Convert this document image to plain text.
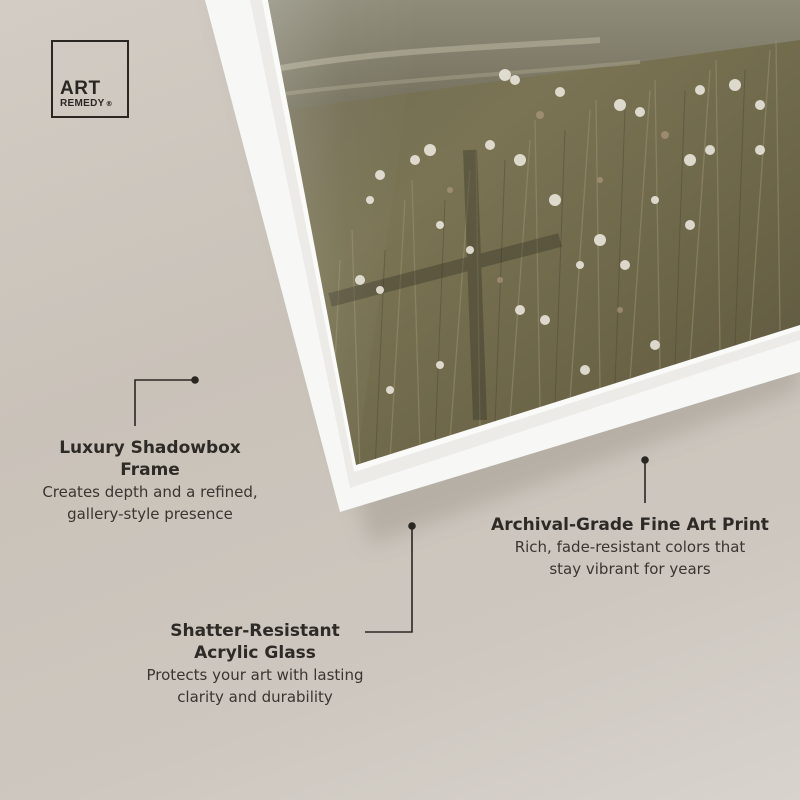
ART
REMEDY®
Luxury Shadowbox
Frame
Creates depth and a refined,
gallery-style presence
Archival-Grade Fine Art Print
Rich, fade-resistant colors that
stay vibrant for years
Shatter-Resistant
Acrylic Glass
Protects your art with lasting
clarity and durability
